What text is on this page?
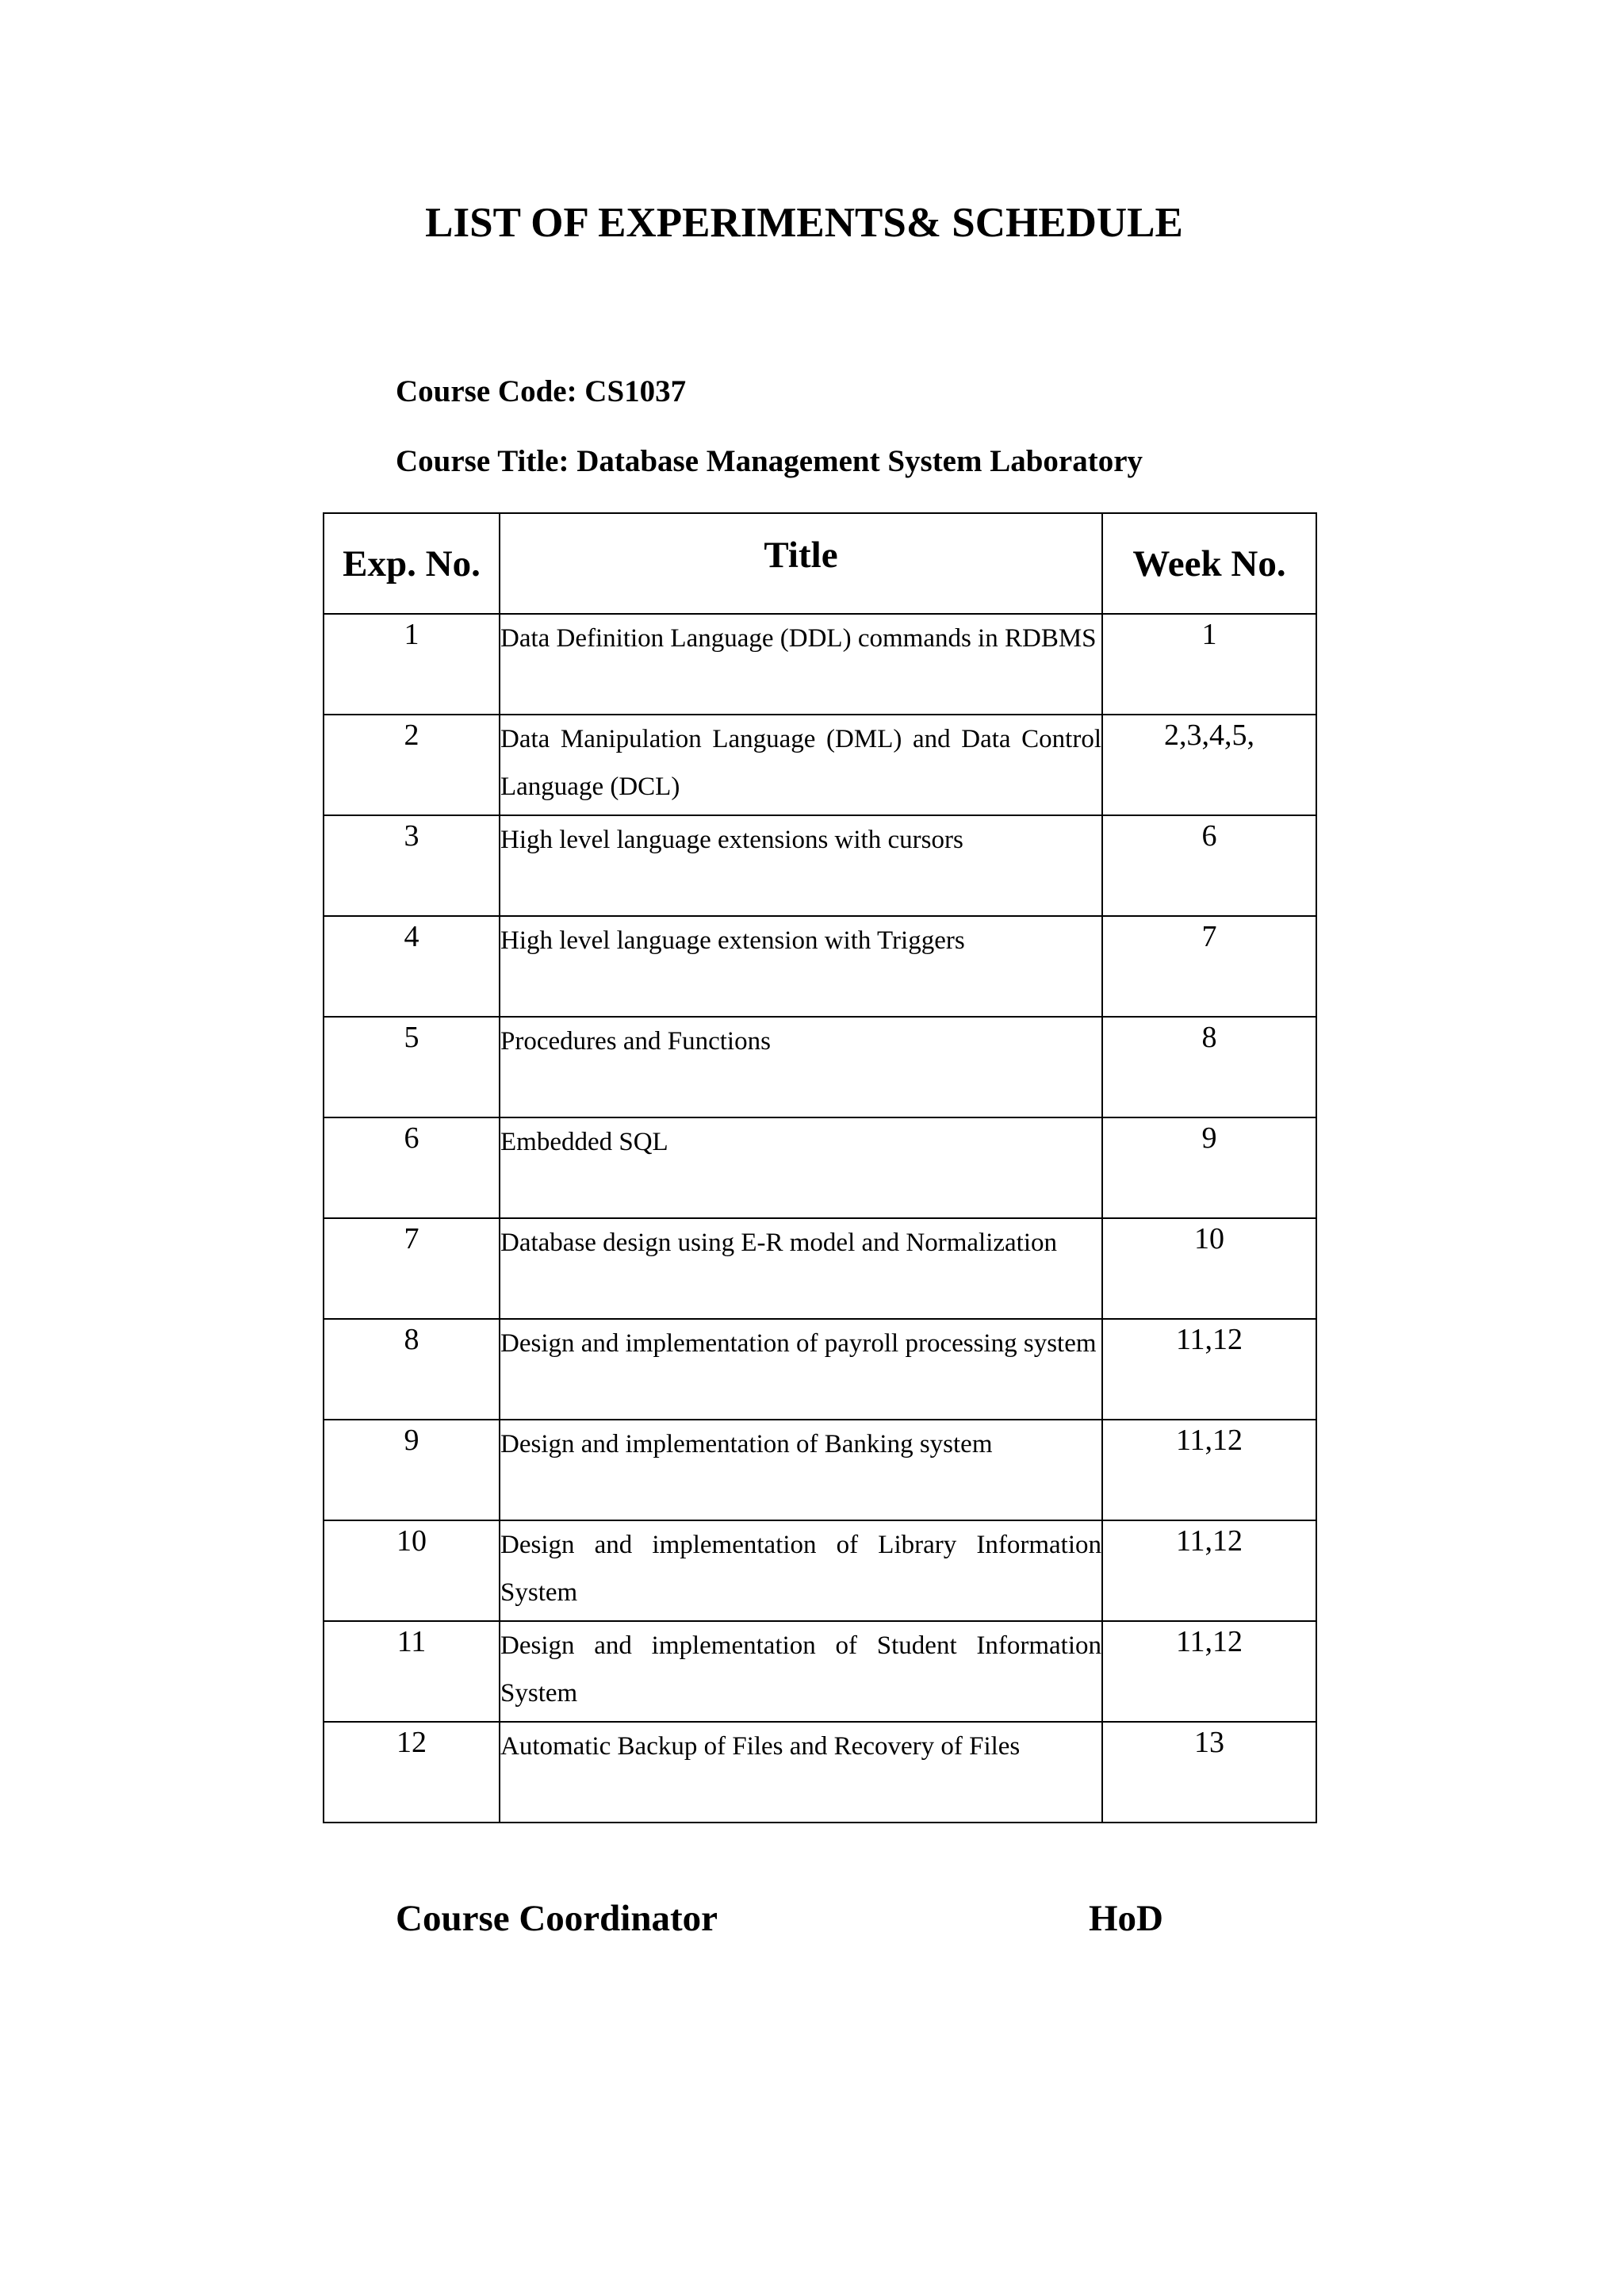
LIST OF EXPERIMENTS& SCHEDULE
Course Code: CS1037
Course Title: Database Management System Laboratory
Exp. No.	Title	Week No.
1	Data Definition Language (DDL) commands in RDBMS	1
2	Data Manipulation Language (DML) and Data Control Language (DCL)	2,3,4,5,
3	High level language extensions with cursors	6
4	High level language extension with Triggers	7
5	Procedures and Functions	8
6	Embedded SQL	9
7	Database design using E-R model and Normalization	10
8	Design and implementation of payroll processing system	11,12
9	Design and implementation of Banking system	11,12
10	Design and implementation of Library Information System	11,12
11	Design and implementation of Student Information System	11,12
12	Automatic Backup of Files and Recovery of Files	13
Course Coordinator	HoD
